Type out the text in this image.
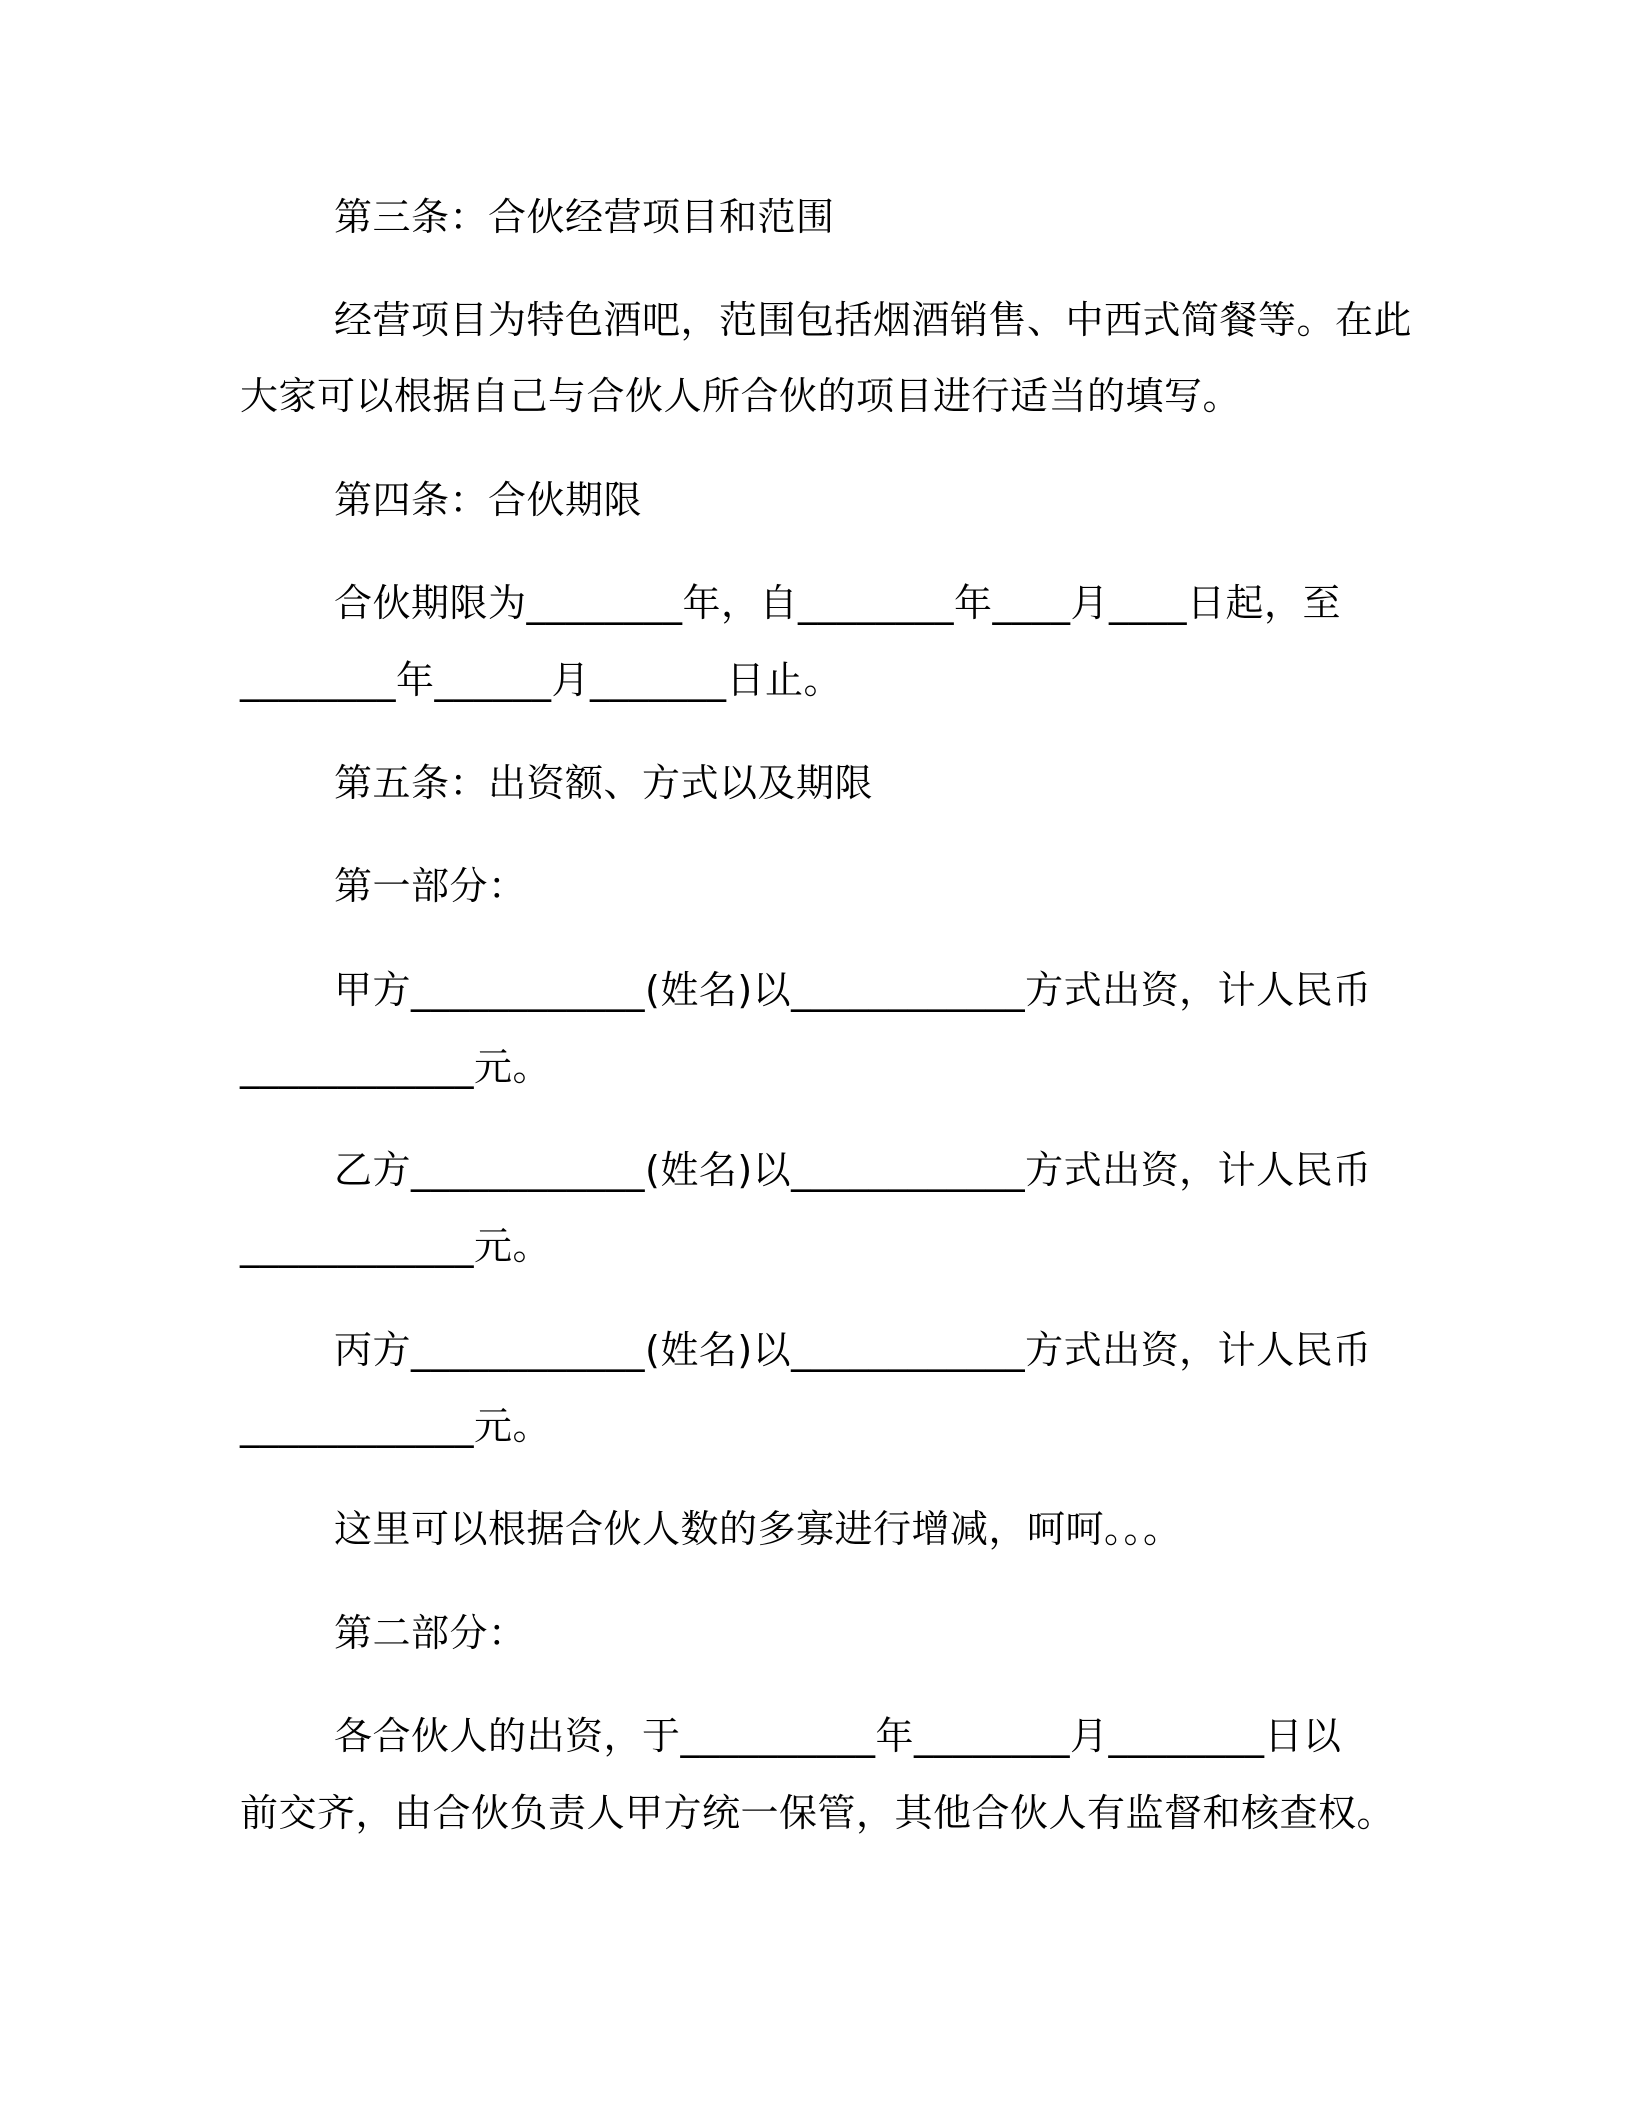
第三条：合伙经营项目和范围
经营项目为特色酒吧，范围包括烟酒销售、中西式简餐等。在此
大家可以根据自己与合伙人所合伙的项目进行适当的填写。
第四条：合伙期限
合伙期限为________年，自________年____月____日起，至
________年______月_______日止。
第五条：出资额、方式以及期限
第一部分：
甲方____________(姓名)以____________方式出资，计人民币
____________元。
乙方____________(姓名)以____________方式出资，计人民币
____________元。
丙方____________(姓名)以____________方式出资，计人民币
____________元。
这里可以根据合伙人数的多寡进行增减，呵呵。。。
第二部分：
各合伙人的出资，于__________年________月________日以
前交齐，由合伙负责人甲方统一保管，其他合伙人有监督和核查权。
